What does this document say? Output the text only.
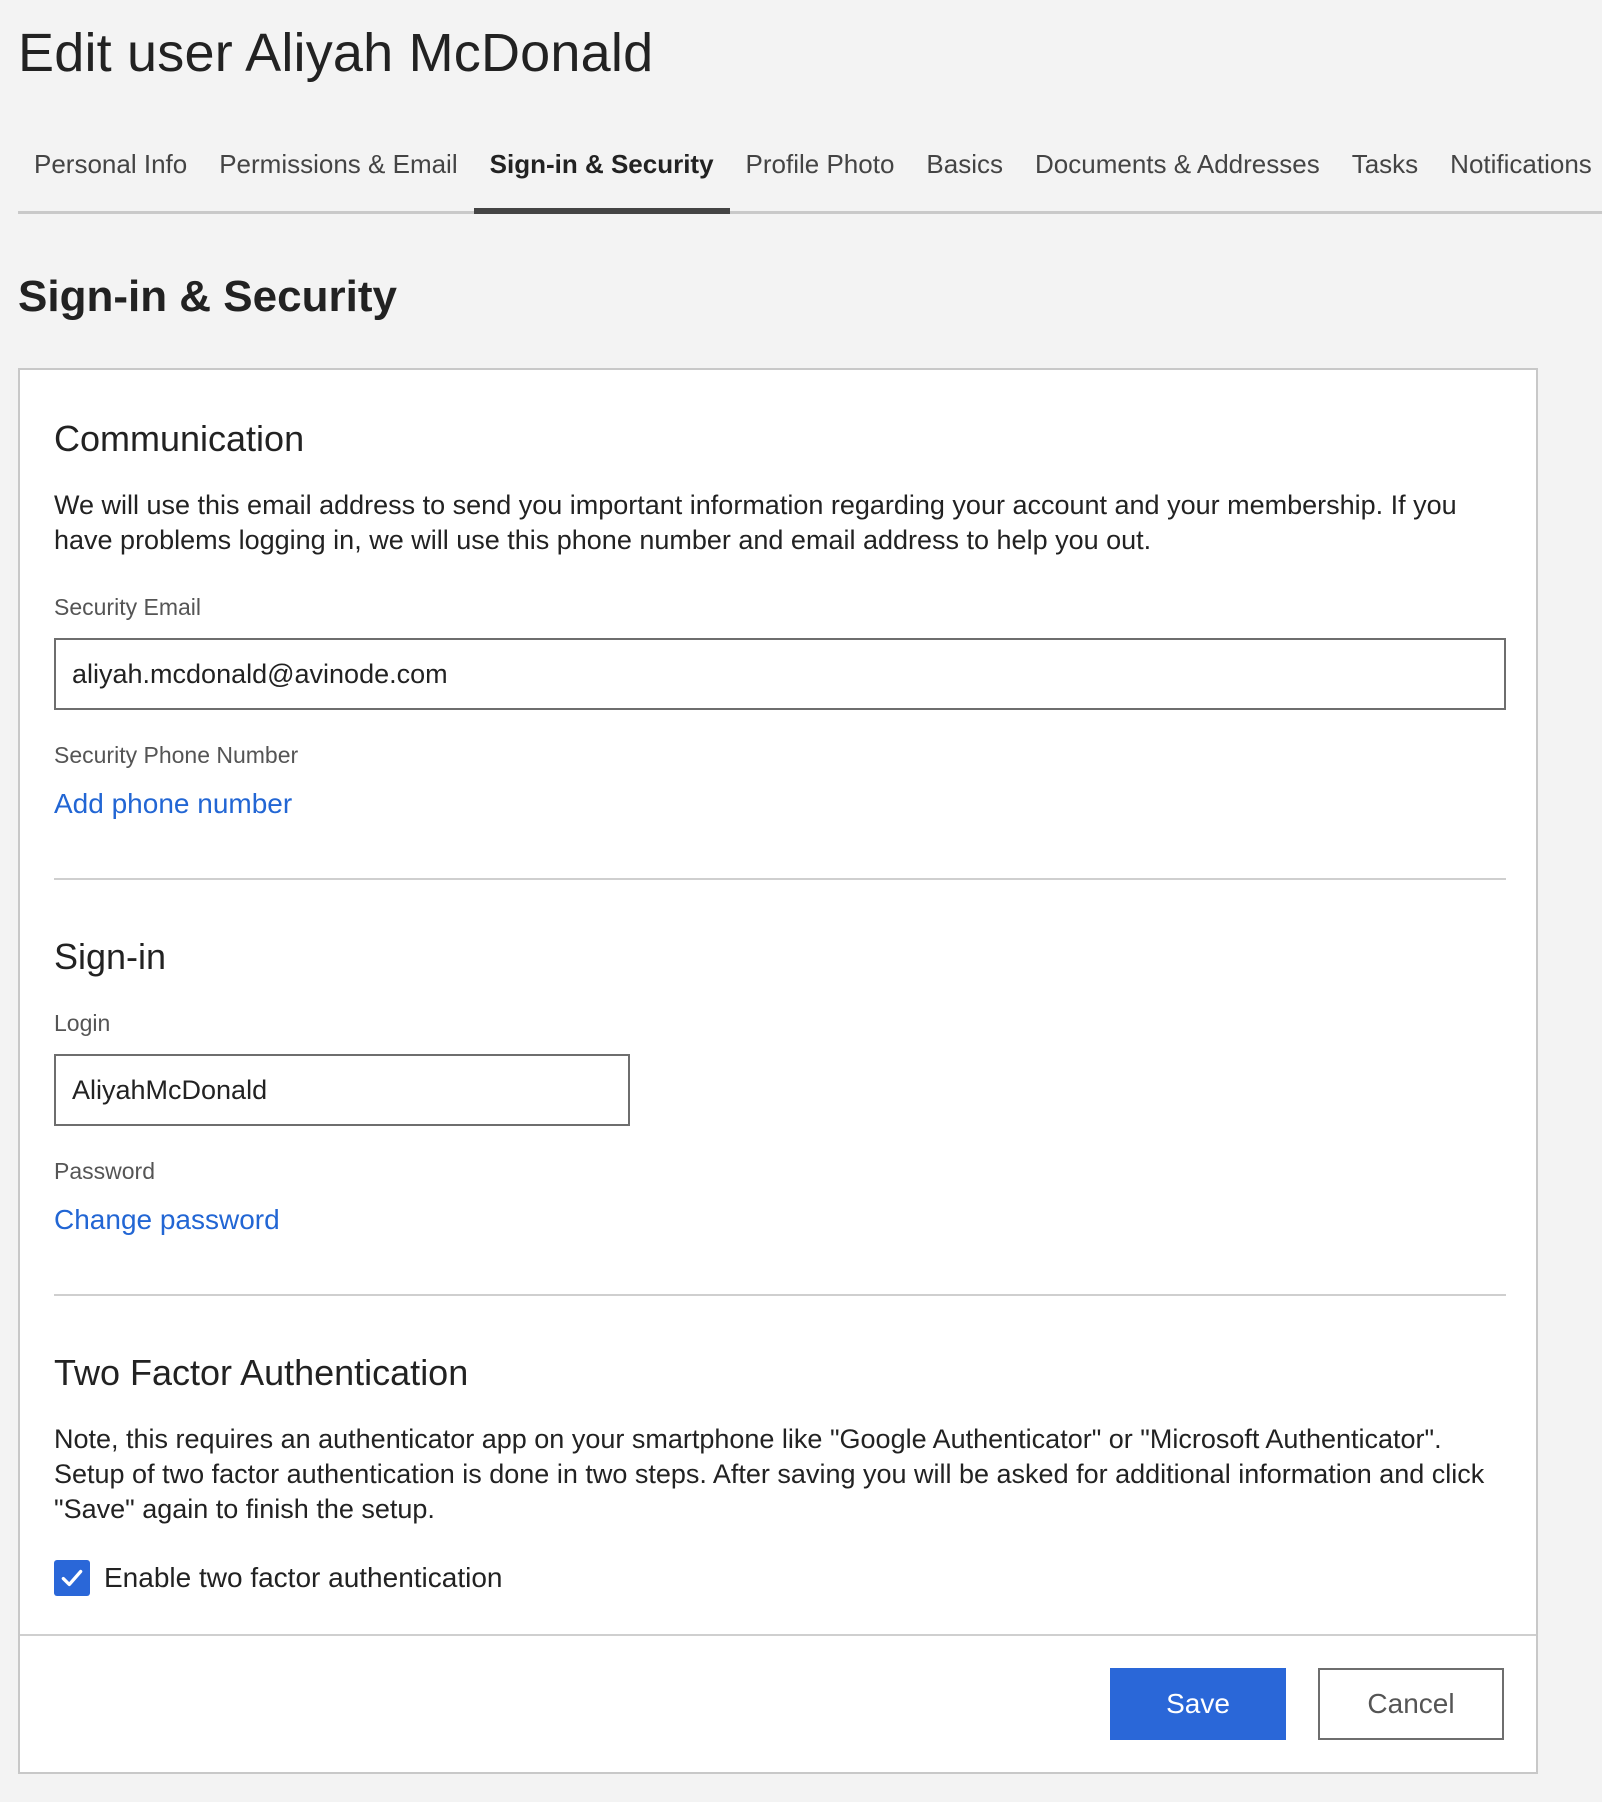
Edit user Aliyah McDonald
Personal Info	Permissions & Email	Sign-in & Security	Profile Photo	Basics	Documents & Addresses	Tasks	Notifications
Sign-in & Security
Communication

We will use this email address to send you important information regarding your account and your membership. If you have problems logging in, we will use this phone number and email address to help you out.

Security Email
aliyah.mcdonald@avinode.com
Security Phone Number
Add phone number
Sign-in
Login
AliyahMcDonald
Password
Change password
Two Factor Authentication

Note, this requires an authenticator app on your smartphone like "Google Authenticator" or "Microsoft Authenticator". Setup of two factor authentication is done in two steps. After saving you will be asked for additional information and click "Save" again to finish the setup.

Enable two factor authentication
Save	Cancel
